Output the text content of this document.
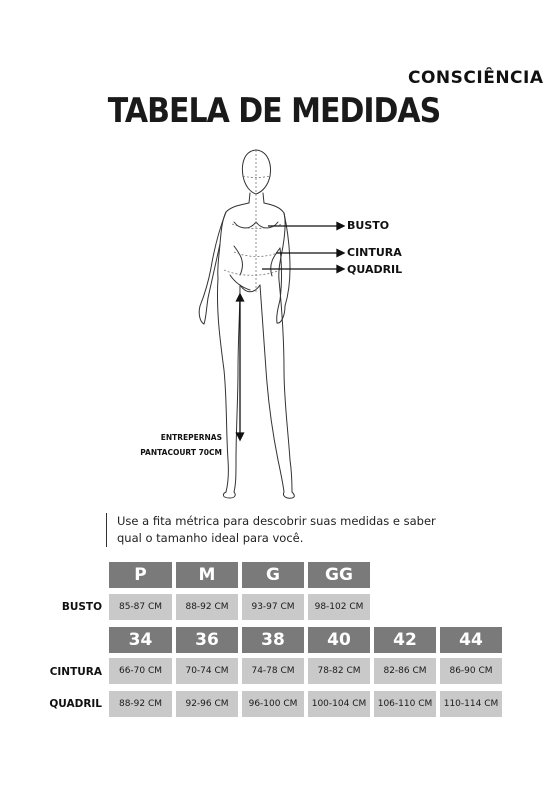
CONSCIÊNCIA
TABELA DE MEDIDAS
BUSTO
CINTURA
QUADRIL
ENTREPERNAS
PANTACOURT 70CM
Use a fita métrica para descobrir suas medidas e saber qual o tamanho ideal para você.
P	M	G	GG
BUSTO	85-87 CM	88-92 CM	93-97 CM	98-102 CM
34	36	38	40	42	44
CINTURA	66-70 CM	70-74 CM	74-78 CM	78-82 CM	82-86 CM	86-90 CM
QUADRIL	88-92 CM	92-96 CM	96-100 CM	100-104 CM	106-110 CM	110-114 CM
